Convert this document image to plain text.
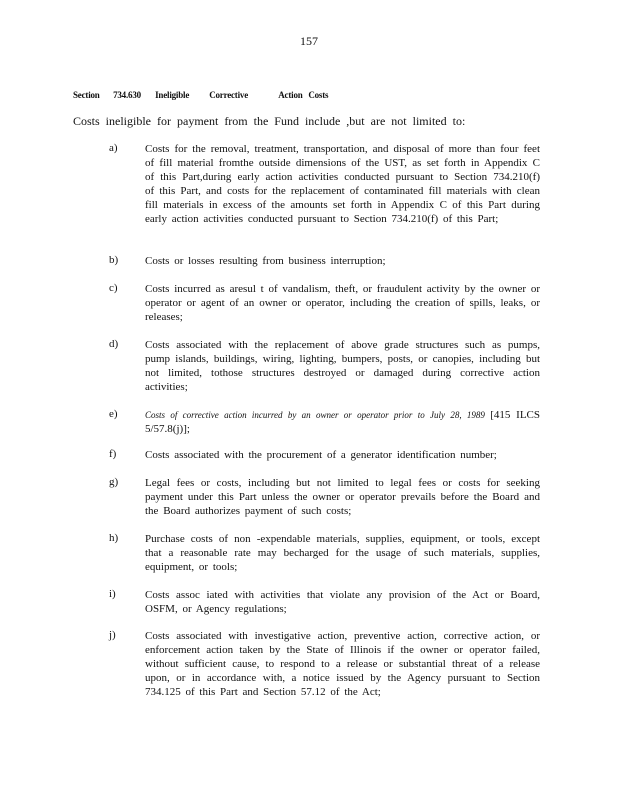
157
Section 734.630 Ineligible Corrective	Action Costs
Costs ineligible for payment from the Fund include ,but are not limited to:
a) Costs for the removal, treatment, transportation, and disposal of more than four feet of fill material fromthe outside dimensions of the UST, as set forth in Appendix C of this Part,during early action activities conducted pursuant to Section 734.210(f) of this Part, and costs for the replacement of contaminated fill materials with clean fill materials in excess of the amounts set forth in Appendix C of this Part during early action activities conducted pursuant to Section 734.210(f) of this Part;
b) Costs or losses resulting from business interruption;
c) Costs incurred as aresul t of vandalism, theft, or fraudulent activity by the owner or operator or agent of an owner or operator, including the creation of spills, leaks, or releases;
d) Costs associated with the replacement of above grade structures such as pumps, pump islands, buildings, wiring, lighting, bumpers, posts, or canopies, including but not limited, tothose structures destroyed or damaged during corrective action activities;
e)	Costs of corrective action incurred by an owner or operator prior to July 28, 1989 [415 ILCS 5/57.8(j)];
f)	Costs associated with the procurement of a generator identification number;
g) Legal fees or costs, including but not limited to legal fees or costs for seeking payment under this Part unless the owner or operator prevails before the Board and the Board authorizes payment of such costs;
h) Purchase costs of non -expendable materials, supplies, equipment, or tools, except that a reasonable rate may becharged for the usage of such materials, supplies, equipment, or tools;
i)	Costs assoc iated with activities that violate any provision of the Act or Board, OSFM, or Agency regulations;
j)	Costs associated with investigative action, preventive action, corrective action, or enforcement action taken by the State of Illinois if the owner or operator failed, without sufficient cause, to respond to a release or substantial threat of a release upon, or in accordance with, a notice issued by the Agency pursuant to Section 734.125 of this Part and Section 57.12 of the Act;
